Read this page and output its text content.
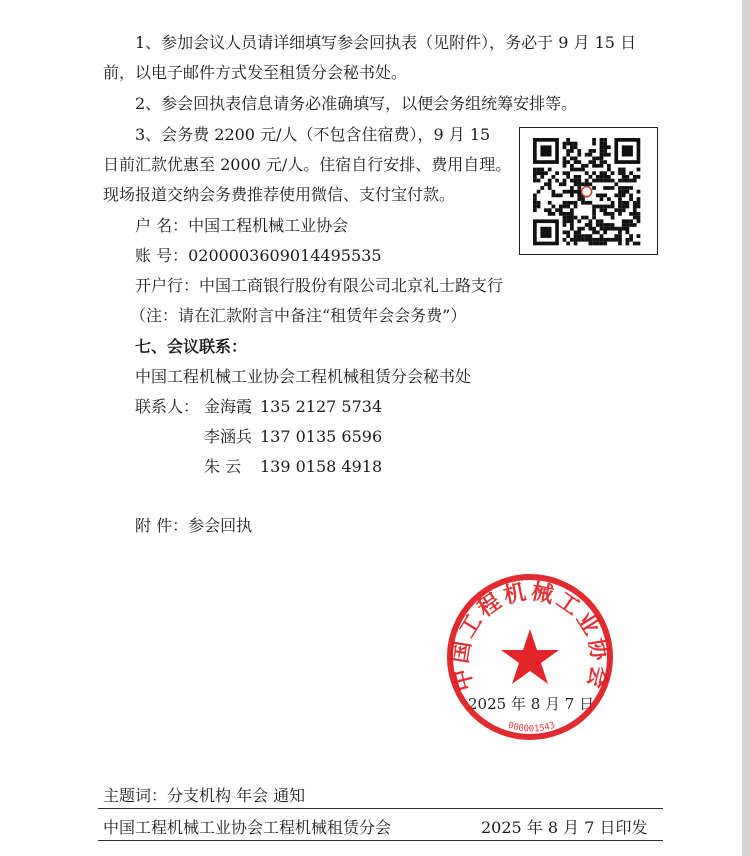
1、参加会议人员请详细填写参会回执表（见附件），务必于 9 月 15 日
前，以电子邮件方式发至租赁分会秘书处。
2、参会回执表信息请务必准确填写，以便会务组统筹安排等。
3、会务费 2200 元/人（不包含住宿费），9 月 15
日前汇款优惠至 2000 元/人。住宿自行安排、费用自理。
现场报道交纳会务费推荐使用微信、支付宝付款。
户 名：中国工程机械工业协会
账 号：0200003609014495535
开户行：中国工商银行股份有限公司北京礼士路支行
（注：请在汇款附言中备注“租赁年会会务费”）
七、会议联系：
中国工程机械工业协会工程机械租赁分会秘书处
联系人： 金海霞 135 2127 5734
李涵兵 137 0135 6596
朱 云 139 0158 4918
附 件：参会回执
2025 年 8 月 7 日
中国工程机械工业协会
000001543
主题词：分支机构 年会 通知
中国工程机械工业协会工程机械租赁分会	2025 年 8 月 7 日印发
